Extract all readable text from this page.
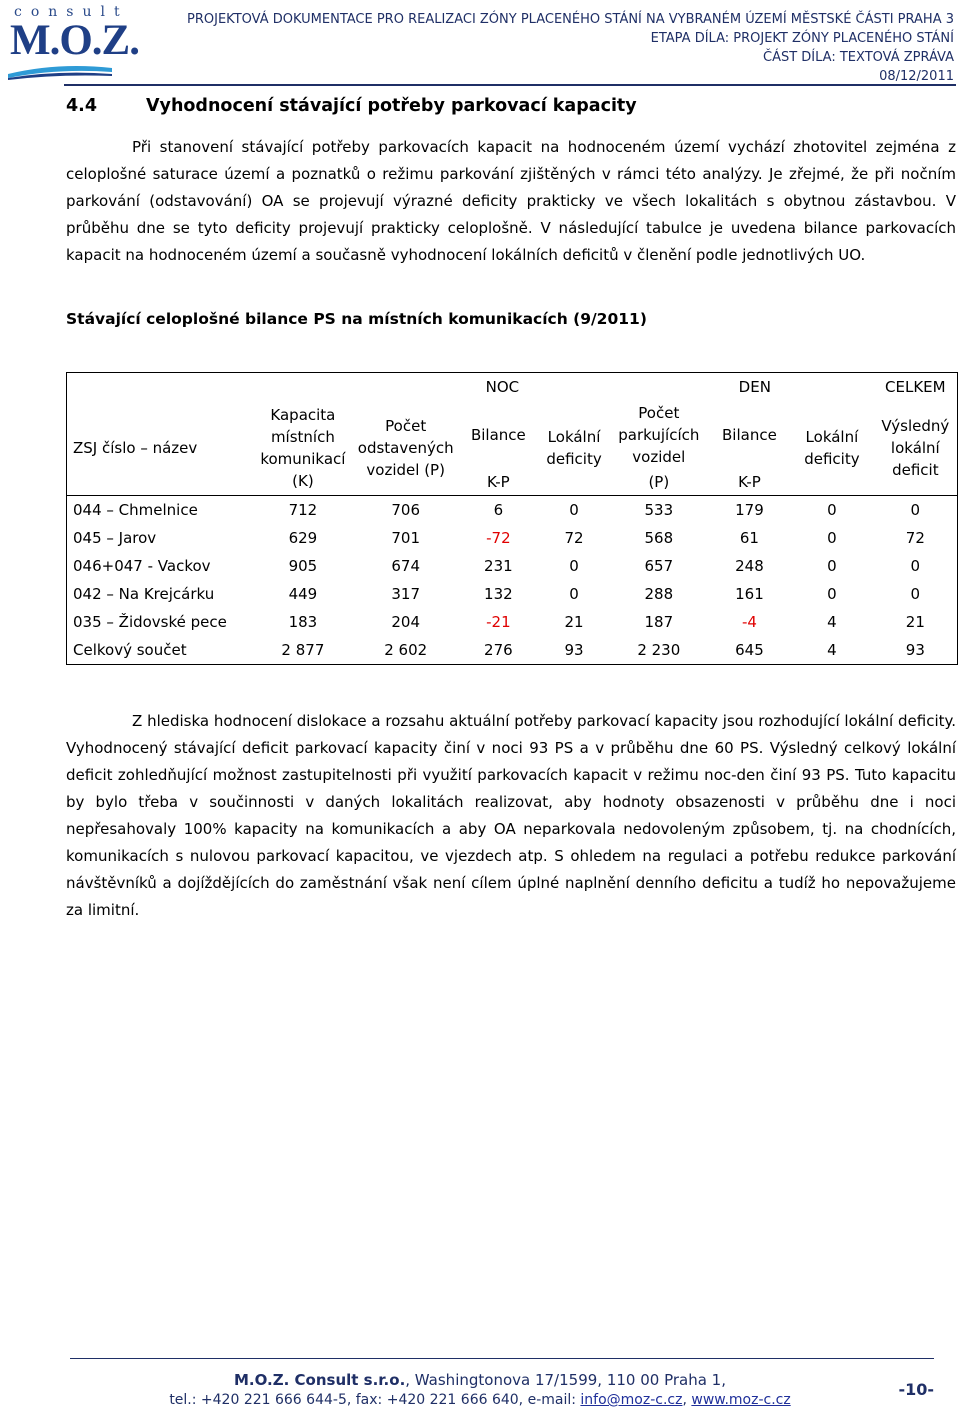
consult
M.O.Z.	PROJEKTOVÁ DOKUMENTACE PRO REALIZACI ZÓNY PLACENÉHO STÁNÍ NA VYBRANÉM ÚZEMÍ MĚSTSKÉ ČÁSTI PRAHA 3
ETAPA DÍLA: PROJEKT ZÓNY PLACENÉHO STÁNÍ
ČÁST DÍLA: TEXTOVÁ ZPRÁVA
08/12/2011
4.4	Vyhodnocení stávající potřeby parkovací kapacity

Při stanovení stávající potřeby parkovacích kapacit na hodnoceném území vychází zhotovitel zejména z celoplošné saturace území a poznatků o režimu parkování zjištěných v rámci této analýzy. Je zřejmé, že při nočním parkování (odstavování) OA se projevují výrazné deficity prakticky ve všech lokalitách s obytnou zástavbou. V průběhu dne se tyto deficity projevují prakticky celoplošně. V následující tabulce je uvedena bilance parkovacích kapacit na hodnoceném území a současně vyhodnocení lokálních deficitů v členění podle jednotlivých UO.

Stávající celoplošné bilance PS na místních komunikacích (9/2011)

			NOC			DEN		CELKEM
ZSJ číslo – název	Kapacita místních komunikací (K)	Počet odstavených vozidel (P)	Bilance	Lokální deficity	Počet parkujících vozidel	Bilance	Lokální deficity	Výsledný lokální deficit
			K-P		(P)	K-P		
044 – Chmelnice	712	706	6	0	533	179	0	0
045 – Jarov	629	701	-72	72	568	61	0	72
046+047 - Vackov	905	674	231	0	657	248	0	0
042 – Na Krejcárku	449	317	132	0	288	161	0	0
035 – Židovské pece	183	204	-21	21	187	-4	4	21
Celkový součet	2 877	2 602	276	93	2 230	645	4	93

Z hlediska hodnocení dislokace a rozsahu aktuální potřeby parkovací kapacity jsou rozhodující lokální deficity. Vyhodnocený stávající deficit parkovací kapacity činí v noci 93 PS a v průběhu dne 60 PS. Výsledný celkový lokální deficit zohledňující možnost zastupitelnosti při využití parkovacích kapacit v režimu noc-den činí 93 PS. Tuto kapacitu by bylo třeba v součinnosti v daných lokalitách realizovat, aby hodnoty obsazenosti v průběhu dne i noci nepřesahovaly 100% kapacity na komunikacích a aby OA neparkovala nedovoleným způsobem, tj. na chodnících, komunikacích s nulovou parkovací kapacitou, ve vjezdech atp. S ohledem na regulaci a potřebu redukce parkování návštěvníků a dojíždějících do zaměstnání však není cílem úplné naplnění denního deficitu a tudíž ho nepovažujeme za limitní.

M.O.Z. Consult s.r.o., Washingtonova 17/1599, 110 00 Praha 1,
tel.: +420 221 666 644-5, fax: +420 221 666 640, e-mail: info@moz-c.cz, www.moz-c.cz
-10-
